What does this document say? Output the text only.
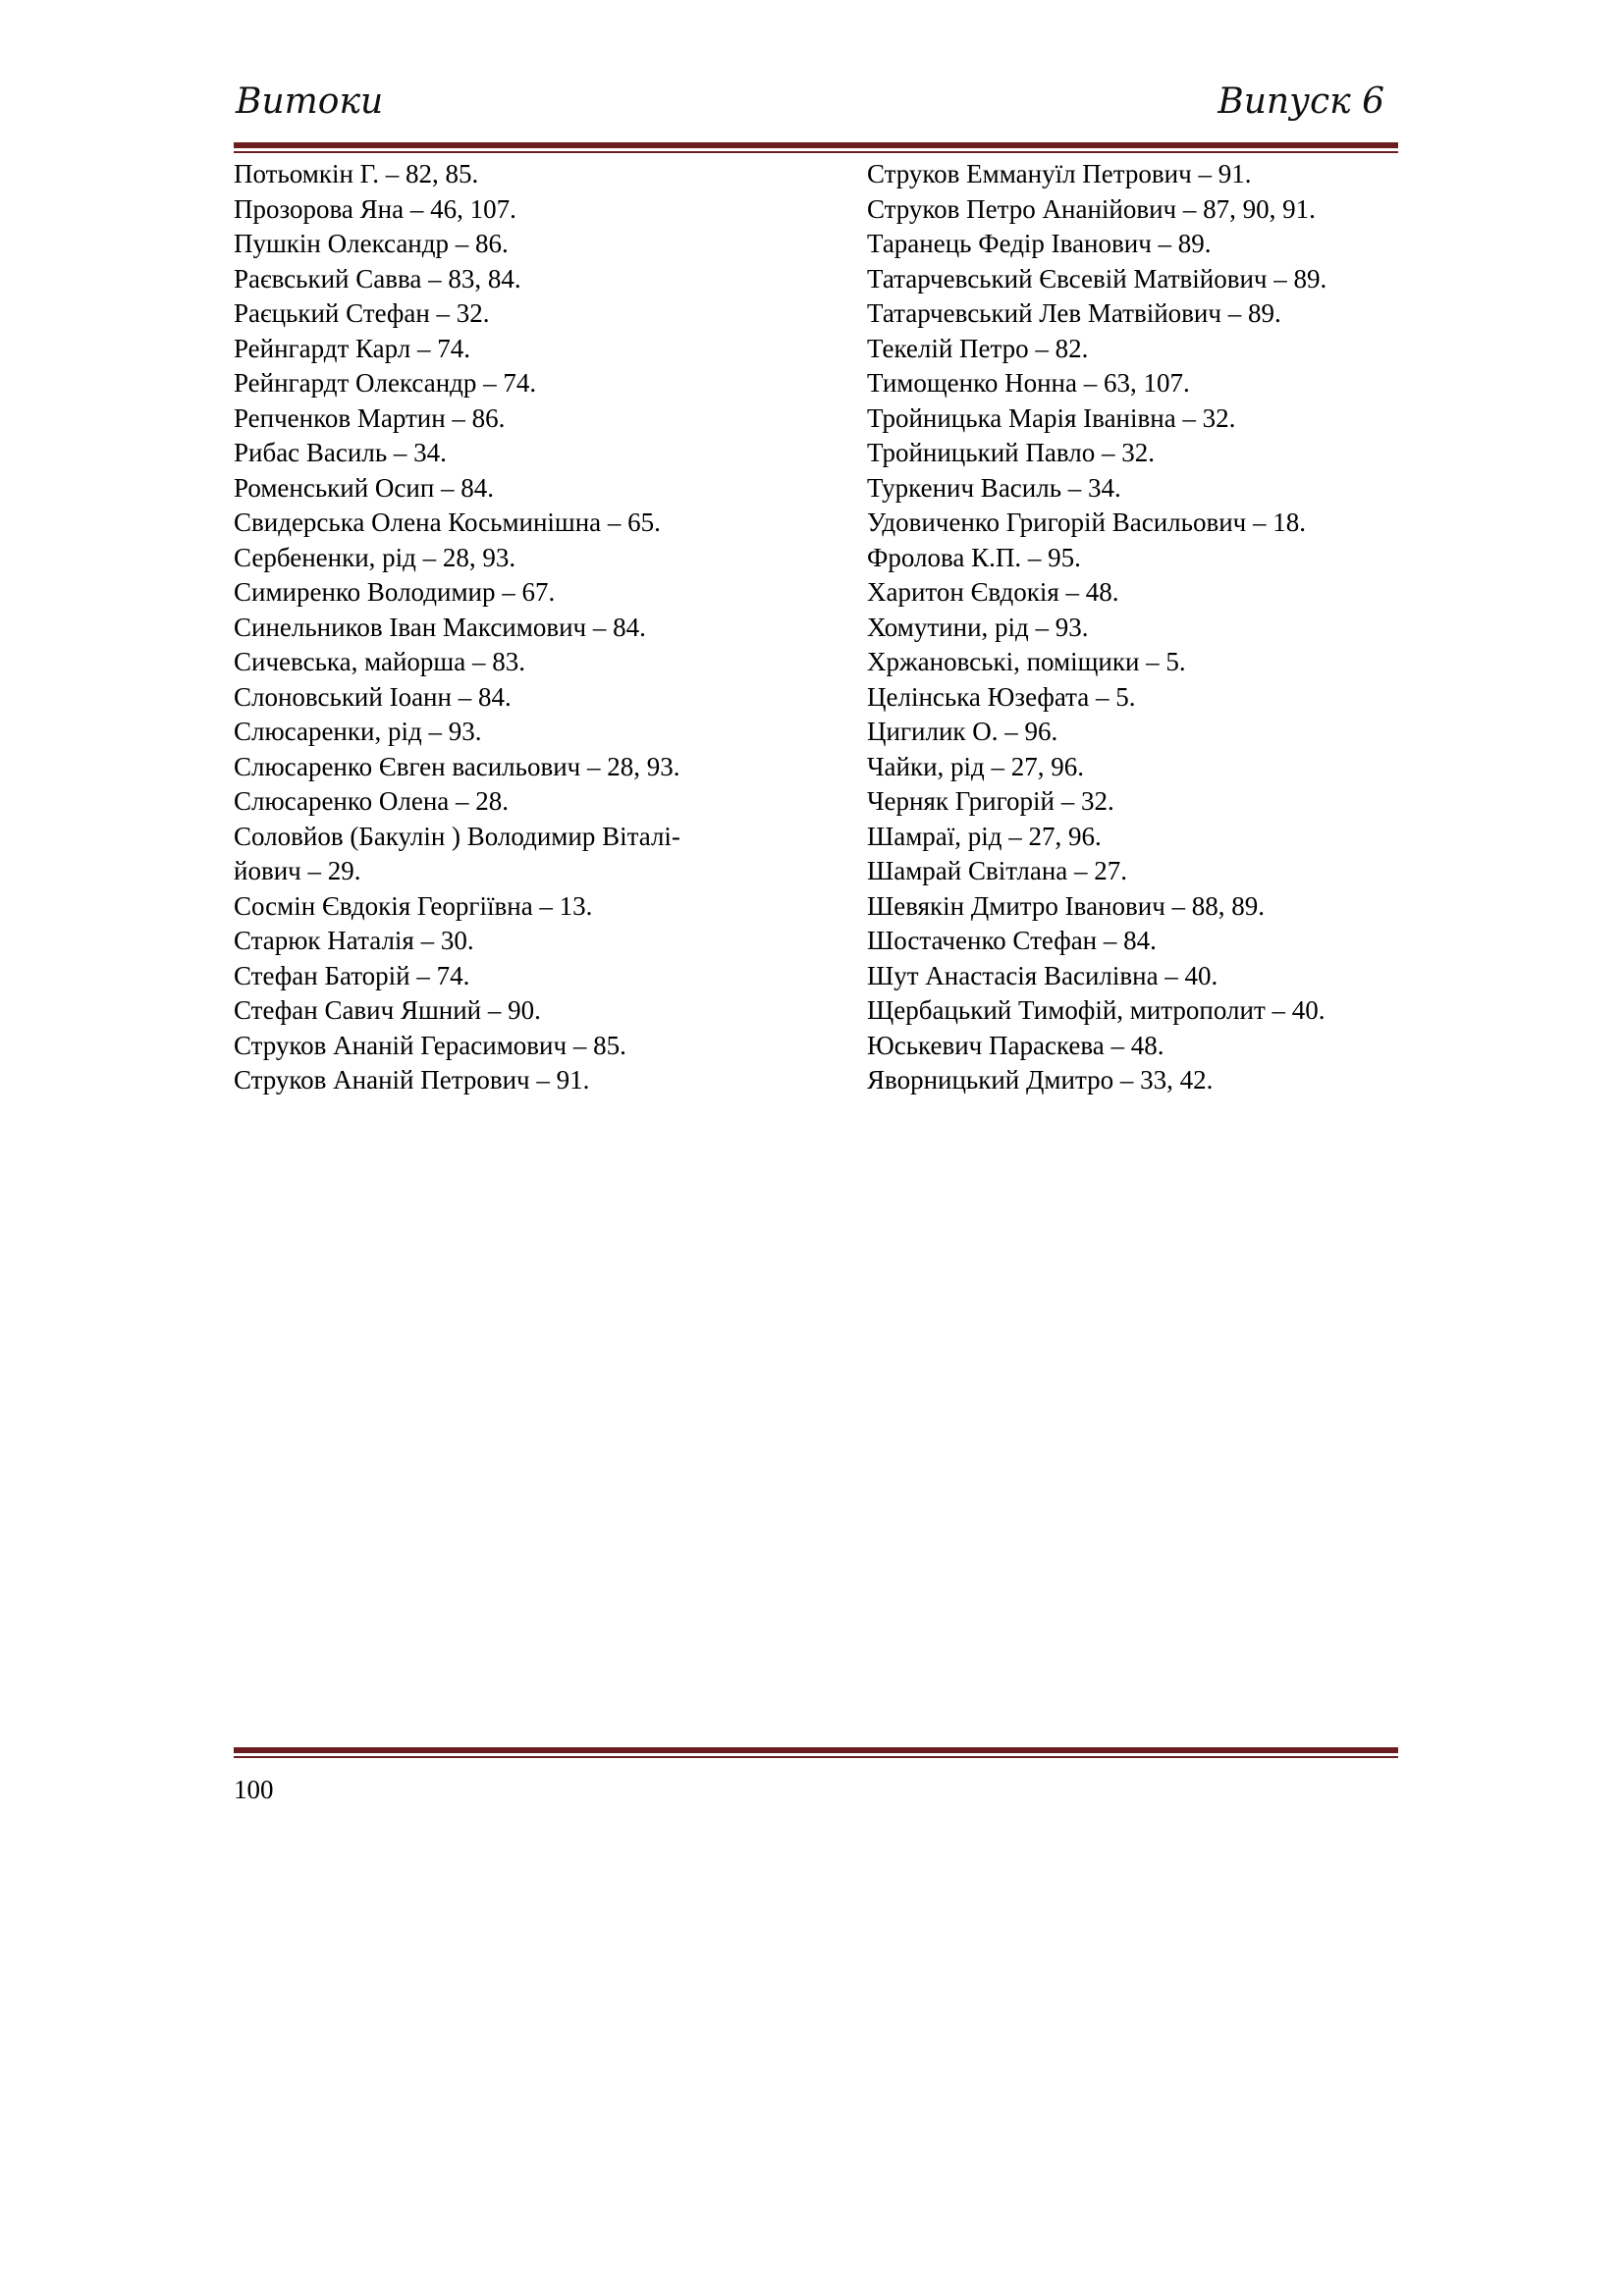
Витоки	Випуск 6
Потьомкін Г. – 82, 85.
Прозорова Яна – 46, 107.
Пушкін Олександр – 86.
Раєвський Савва – 83, 84.
Раєцький Стефан – 32.
Рейнгардт Карл – 74.
Рейнгардт Олександр – 74.
Репченков Мартин – 86.
Рибас Василь – 34.
Роменський Осип – 84.
Свидерська Олена Косьминішна – 65.
Сербененки, рід – 28, 93.
Симиренко Володимир – 67.
Синельников Іван Максимович – 84.
Сичевська, майорша – 83.
Слоновський Іоанн – 84.
Слюсаренки, рід – 93.
Слюсаренко Євген васильович – 28, 93.
Слюсаренко Олена – 28.
Соловйов (Бакулін ) Володимир Віталі-
йович – 29.
Сосмін Євдокія Георгіївна – 13.
Старюк Наталія – 30.
Стефан Баторій – 74.
Стефан Савич Яшний – 90.
Струков Ананій Герасимович – 85.
Струков Ананій Петрович – 91.
Струков Еммануїл Петрович – 91.
Струков Петро Ананійович – 87, 90, 91.
Таранець Федір Іванович – 89.
Татарчевський Євсевій Матвійович – 89.
Татарчевський Лев Матвійович – 89.
Текелій Петро – 82.
Тимощенко Нонна – 63, 107.
Тройницька Марія Іванівна – 32.
Тройницький Павло – 32.
Туркенич Василь – 34.
Удовиченко Григорій Васильович – 18.
Фролова К.П. – 95.
Харитон Євдокія – 48.
Хомутини, рід – 93.
Хржановські, поміщики – 5.
Целінська Юзефата – 5.
Цигилик О. – 96.
Чайки, рід – 27, 96.
Черняк Григорій – 32.
Шамраї, рід – 27, 96.
Шамрай Світлана – 27.
Шевякін Дмитро Іванович – 88, 89.
Шостаченко Стефан – 84.
Шут Анастасія Василівна – 40.
Щербацький Тимофій, митрополит – 40.
Юськевич Параскева – 48.
Яворницький Дмитро – 33, 42.
100
